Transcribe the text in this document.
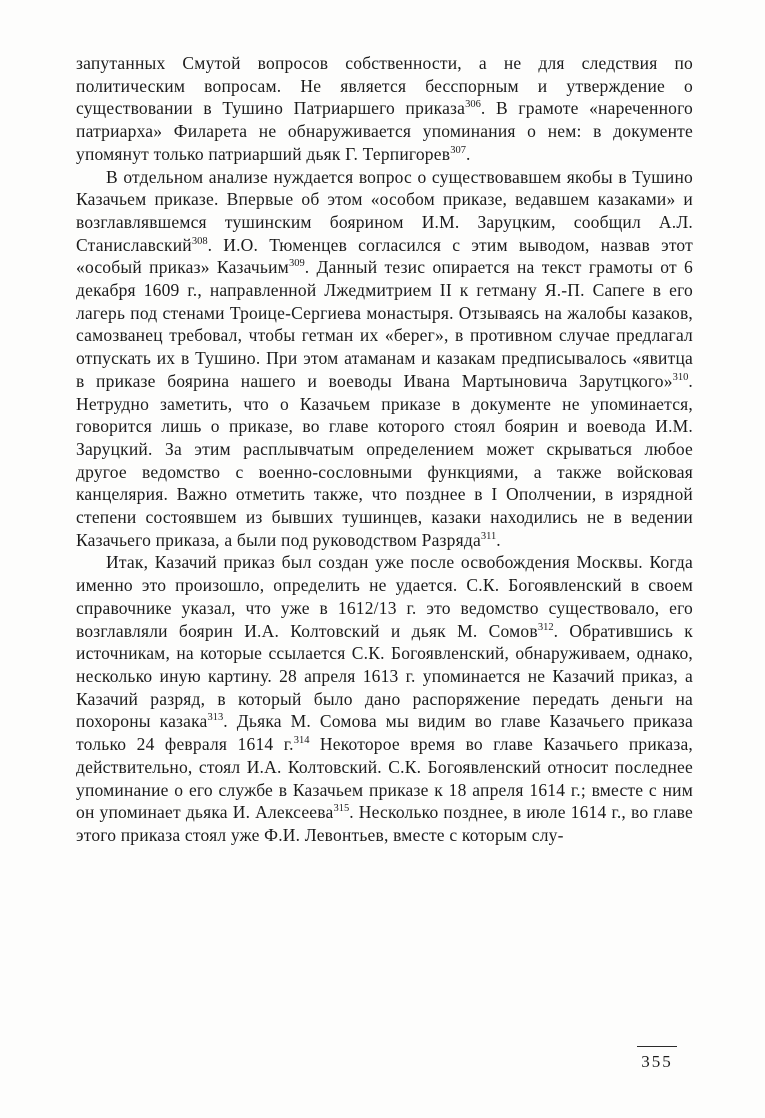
запутанных Смутой вопросов собственности, а не для следствия по политическим вопросам. Не является бесспорным и утверждение о существовании в Тушино Патриаршего приказа$^{306}$. В грамоте «нареченного патриарха» Филарета не обнаруживается упоминания о нем: в документе упомянут только патриарший дьяк Г. Терпигорев$^{307}$.

В отдельном анализе нуждается вопрос о существовавшем якобы в Тушино Казачьем приказе. Впервые об этом «особом приказе, ведавшем казаками» и возглавлявшемся тушинским боярином И.М. Заруцким, сообщил А.Л. Станиславский$^{308}$. И.О. Тюменцев согласился с этим выводом, назвав этот «особый приказ» Казачьим$^{309}$. Данный тезис опирается на текст грамоты от 6 декабря 1609 г., направленной Лжедмитрием II к гетману Я.-П. Сапеге в его лагерь под стенами Троице-Сергиева монастыря. Отзываясь на жалобы казаков, самозванец требовал, чтобы гетман их «берег», в противном случае предлагал отпускать их в Тушино. При этом атаманам и казакам предписывалось «явитца в приказе боярина нашего и воеводы Ивана Мартыновича Зарутцкого»$^{310}$. Нетрудно заметить, что о Казачьем приказе в документе не упоминается, говорится лишь о приказе, во главе которого стоял боярин и воевода И.М. Заруцкий. За этим расплывчатым определением может скрываться любое другое ведомство с военно-сословными функциями, а также войсковая канцелярия. Важно отметить также, что позднее в I Ополчении, в изрядной степени состоявшем из бывших тушинцев, казаки находились не в ведении Казачьего приказа, а были под руководством Разряда$^{311}$.

Итак, Казачий приказ был создан уже после освобождения Москвы. Когда именно это произошло, определить не удается. С.К. Богоявленский в своем справочнике указал, что уже в 1612/13 г. это ведомство существовало, его возглавляли боярин И.А. Колтовский и дьяк М. Сомов$^{312}$. Обратившись к источникам, на которые ссылается С.К. Богоявленский, обнаруживаем, однако, несколько иную картину. 28 апреля 1613 г. упоминается не Казачий приказ, а Казачий разряд, в который было дано распоряжение передать деньги на похороны казака$^{313}$. Дьяка М. Сомова мы видим во главе Казачьего приказа только 24 февраля 1614 г.$^{314}$ Некоторое время во главе Казачьего приказа, действительно, стоял И.А. Колтовский. С.К. Богоявленский относит последнее упоминание о его службе в Казачьем приказе к 18 апреля 1614 г.; вместе с ним он упоминает дьяка И. Алексеева$^{315}$. Несколько позднее, в июле 1614 г., во главе этого приказа стоял уже Ф.И. Левонтьев, вместе с которым слу-

355
